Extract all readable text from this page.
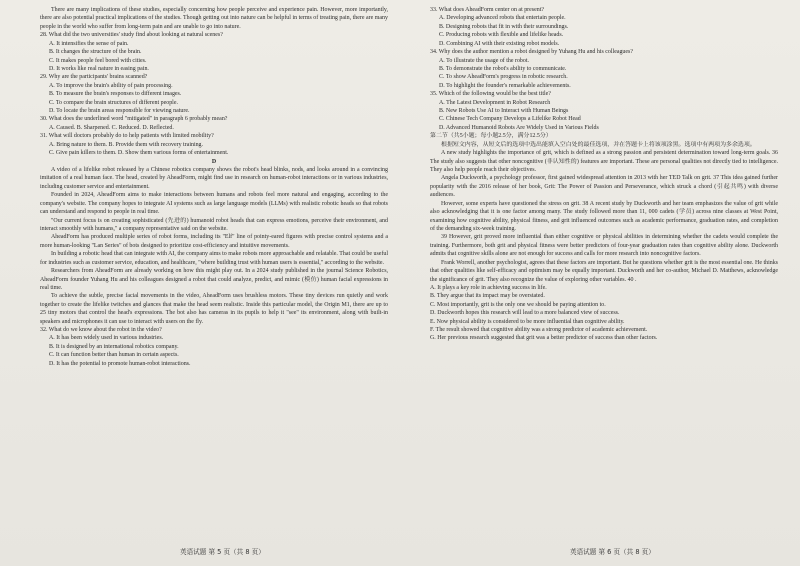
There are many implications of these studies, especially concerning how people perceive and experience pain. However, more importantly, there are also potential practical implications of the studies. Though getting out into nature can be helpful in terms of treating pain, there are many people in the world who suffer from long-term pain and are unable to go into nature.
28. What did the two universities' study find about looking at natural scenes?
A. It intensifies the sense of pain.
B. It changes the structure of the brain.
C. It makes people feel bored with cities.
D. It works like real nature in easing pain.
29. Why are the participants' brains scanned?
A. To improve the brain's ability of pain processing.
B. To measure the brain's responses to different images.
C. To compare the brain structures of different people.
D. To locate the brain areas responsible for viewing nature.
30. What does the underlined word "mitigated" in paragraph 6 probably mean?
A. Caused. B. Sharpened. C. Reduced. D. Reflected.
31. What will doctors probably do to help patients with limited mobility?
A. Bring nature to them. B. Provide them with recovery training.
C. Give pain killers to them. D. Show them various forms of entertainment.
D
A video of a lifelike robot released by a Chinese robotics company shows the robot's head blinks, nods, and looks around in a convincing imitation of a real human face. The head, created by AheadForm, might find use in research on human-robot interactions or in various industries, including customer service and entertainment.
Founded in 2024, AheadForm aims to make interactions between humans and robots feel more natural and engaging, according to the company's website. The company hopes to integrate AI systems such as large language models (LLMs) with realistic robotic heads so that robots can understand and respond to people in real time.
"Our current focus is on creating sophisticated (先进的) humanoid robot heads that can express emotions, perceive their environment, and interact smoothly with humans," a company representative said on the website.
AheadForm has produced multiple series of robot forms, including its "Elf" line of pointy-eared figures with precise control systems and a more human-looking "Lan Series" of bots designed to prioritize cost-efficiency and intuitive movements.
In building a robotic head that can integrate with AI, the company aims to make robots more approachable and relatable. That could be useful for industries such as customer service, education, and healthcare, "where building trust with human users is essential," according to the website.
Researchers from AheadForm are already working on how this might play out. In a 2024 study published in the journal Science Robotics, AheadForm founder Yuhang Hu and his colleagues designed a robot that could analyze, predict, and mimic (模仿) human facial expressions in real time.
To achieve the subtle, precise facial movements in the video, AheadForm uses brushless motors. These tiny devices run quietly and work together to create the lifelike twitches and glances that make the head seem realistic. Inside this particular model, the Origin M1, there are up to 25 tiny motors that control the head's expressions. The bot also has cameras in its pupils to help it "see" its environment, along with built-in speakers and microphones it can use to interact with users on the fly.
32. What do we know about the robot in the video?
A. It has been widely used in various industries.
B. It is designed by an international robotics company.
C. It can function better than human in certain aspects.
D. It has the potential to promote human-robot interactions.
33. What does AheadForm center on at present?
A. Developing advanced robots that entertain people.
B. Designing robots that fit in with their surroundings.
C. Producing robots with flexible and lifelike heads.
D. Combining AI with their existing robot models.
34. Why does the author mention a robot designed by Yuhang Hu and his colleagues?
A. To illustrate the usage of the robot.
B. To demonstrate the robot's ability to communicate.
C. To show AheadForm's progress in robotic research.
D. To highlight the founder's remarkable achievements.
35. Which of the following would be the best title?
A. The Latest Development in Robot Research
B. New Robots Use AI to Interact with Human Beings
C. Chinese Tech Company Develops a Lifelike Robot Head
D. Advanced Humanoid Robots Are Widely Used in Various Fields
第二节（共5小题；每小题2.5分，满分12.5分）
根据短文内容，从短文后的选项中选出能填入空白处的最佳选项，并在答题卡上将该项涂黑。选项中有两项为多余选项。
A new study highlights the importance of grit, which is defined as a strong passion and persistent determination toward long-term goals. 36 The study also suggests that other noncognitive (非认知性的) features are important. These are personal qualities not directly tied to intelligence. They also help people reach their objectives.
Angela Duckworth, a psychology professor, first gained widespread attention in 2013 with her TED Talk on grit. 37 This idea gained further popularity with the 2016 release of her book, Grit: The Power of Passion and Perseverance, which struck a chord (引起共鸣) with diverse audiences.
However, some experts have questioned the stress on grit. 38 A recent study by Duckworth and her team emphasizes the value of grit while also acknowledging that it is one factor among many. The study followed more than 11, 000 cadets (学员) across nine classes at West Point, examining how cognitive ability, physical fitness, and grit influenced outcomes such as academic performance, graduation rates, and completion of the demanding six-week training.
39 However, grit proved more influential than either cognitive or physical abilities in determining whether the cadets would complete the training. Furthermore, both grit and physical fitness were better predictors of four-year graduation rates than cognitive ability alone. Duckworth admits that cognitive skills alone are not enough for success and calls for more research into noncognitive factors.
Frank Worrell, another psychologist, agrees that these factors are important. But he questions whether grit is the most essential one. He thinks that other qualities like self-efficacy and optimism may be equally important. Duckworth and her co-author, Michael D. Matthews, acknowledge the significance of grit. They also recognize the value of exploring other variables. 40 .
A. It plays a key role in achieving success in life.
B. They argue that its impact may be overstated.
C. Most importantly, grit is the only one we should be paying attention to.
D. Duckworth hopes this research will lead to a more balanced view of success.
E. Now physical ability is considered to be more influential than cognitive ability.
F. The result showed that cognitive ability was a strong predictor of academic achievement.
G. Her previous research suggested that grit was a better predictor of success than other factors.
英语试题 第 5 页（共 8 页）	英语试题 第 6 页（共 8 页）
